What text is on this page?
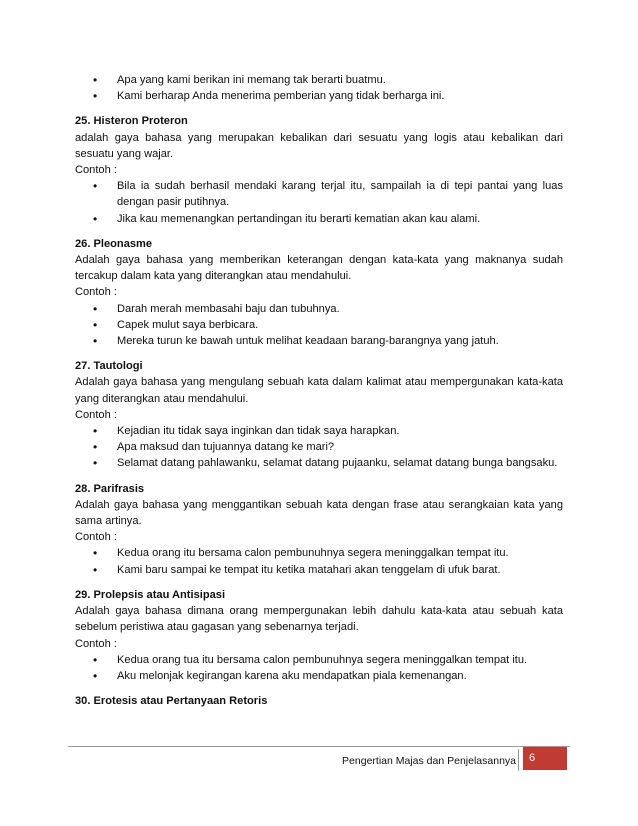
• Apa yang kami berikan ini memang tak berarti buatmu.
• Kami berharap Anda menerima pemberian yang tidak berharga ini.
25. Histeron Proteron
adalah gaya bahasa yang merupakan kebalikan dari sesuatu yang logis atau kebalikan dari sesuatu yang wajar.
Contoh :
• Bila ia sudah berhasil mendaki karang terjal itu, sampailah ia di tepi pantai yang luas dengan pasir putihnya.
• Jika kau memenangkan pertandingan itu berarti kematian akan kau alami.
26. Pleonasme
Adalah gaya bahasa yang memberikan keterangan dengan kata-kata yang maknanya sudah tercakup dalam kata yang diterangkan atau mendahului.
Contoh :
• Darah merah membasahi baju dan tubuhnya.
• Capek mulut saya berbicara.
• Mereka turun ke bawah untuk melihat keadaan barang-barangnya yang jatuh.
27. Tautologi
Adalah gaya bahasa yang mengulang sebuah kata dalam kalimat atau mempergunakan kata-kata yang diterangkan atau mendahului.
Contoh :
• Kejadian itu tidak saya inginkan dan tidak saya harapkan.
• Apa maksud dan tujuannya datang ke mari?
• Selamat datang pahlawanku, selamat datang pujaanku, selamat datang bunga bangsaku.
28. Parifrasis
Adalah gaya bahasa yang menggantikan sebuah kata dengan frase atau serangkaian kata yang sama artinya.
Contoh :
• Kedua orang itu bersama calon pembunuhnya segera meninggalkan tempat itu.
• Kami baru sampai ke tempat itu ketika matahari akan tenggelam di ufuk barat.
29. Prolepsis atau Antisipasi
Adalah gaya bahasa dimana orang mempergunakan lebih dahulu kata-kata atau sebuah kata sebelum peristiwa atau gagasan yang sebenarnya terjadi.
Contoh :
• Kedua orang tua itu bersama calon pembunuhnya segera meninggalkan tempat itu.
• Aku melonjak kegirangan karena aku mendapatkan piala kemenangan.
30. Erotesis atau Pertanyaan Retoris
Pengertian Majas dan Penjelasannya	6
